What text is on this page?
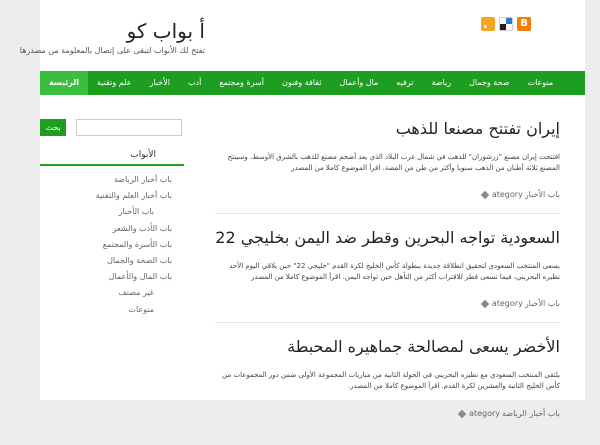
B
أ بواب كو
تفتح لك الأبواب لتبقى على إتصال بالمعلومة من مصدرها
الرئيسة	علم وتقنية	الأخبار	أدب	أسرة ومجتمع	ثقافة وفنون	مال وأعمال	ترفيه	رياضة	صحة وجمال	منوعات
بحث
الأبواب
باب أخبار الرياضة
باب أخبار العلم والتقنية
باب الأخبار
باب الأدب والشعر
باب الأسرة والمجتمع
باب الصحة والجمال
باب المال والأعمال
غير مصنف
منوعات
إيران تفتتح مصنعا للذهب
افتتحت إيران مصنع "زرشوران" للذهب في شمال غرب البلاد الذي يعد أضخم مصنع للذهب بالشرق الأوسط، وسينتج المصنع ثلاثة أطنان من الذهب سنويا وأكثر من طن من الفضة. اقرأ الموضوع كاملا من المصدر
باب الأخبار
ategory
السعودية تواجه البحرين وقطر ضد اليمن بخليجي 22
يسعى المنتخب السعودي لتحقيق انطلاقة جديدة ببطولة كأس الخليج لكرة القدم "خليجي 22" حين يلاقي اليوم الأحد نظيره البحريني، فيما تسعى قطر للاقتراب أكثر من التأهل حين تواجه اليمن. اقرأ الموضوع كاملا من المصدر
باب الأخبار
ategory
الأخضر يسعى لمصالحة جماهيره المحبطة
يلتقي المنتخب السعودي مع نظيره البحريني في الجولة الثانية من مباريات المجموعة الأولى ضمن دور المجموعات من كأس الخليج الثانية والعشرين لكرة القدم. اقرأ الموضوع كاملا من المصدر.
باب أخبار الرياضة
ategory
